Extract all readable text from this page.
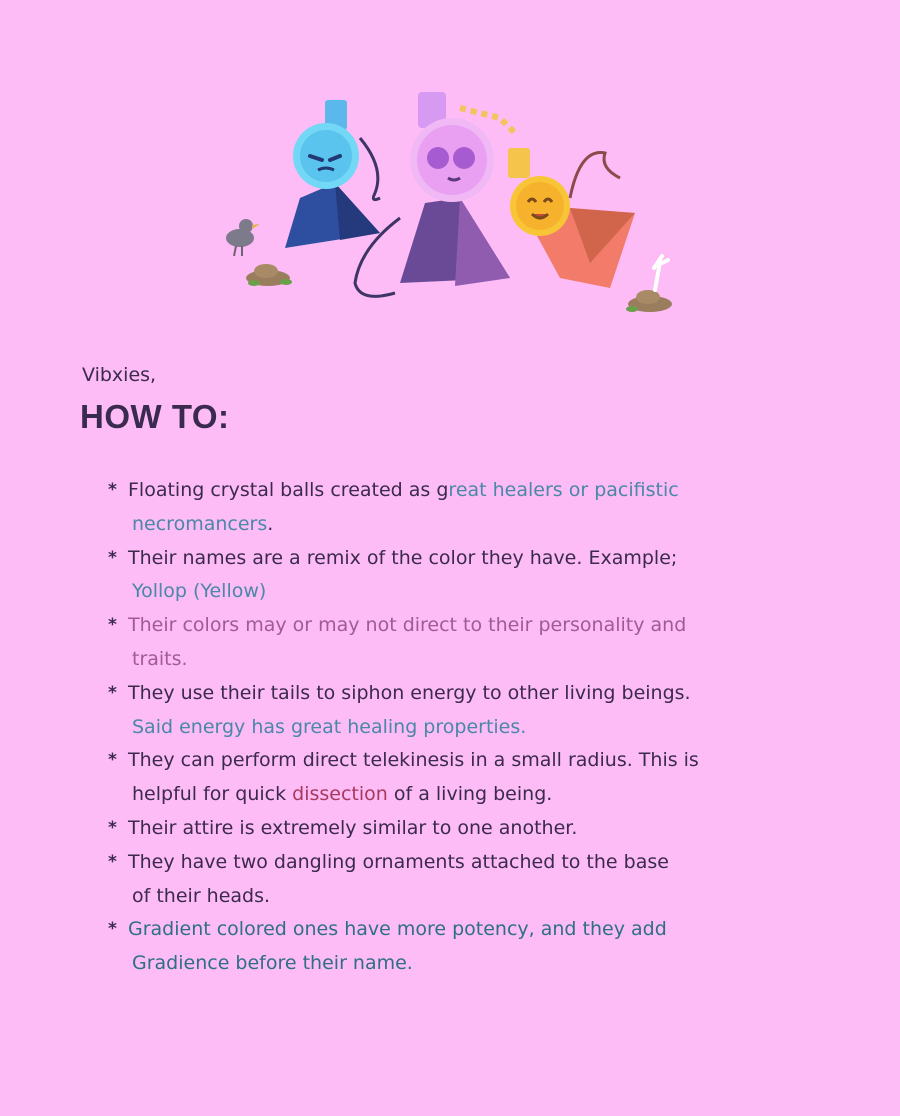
Vibxies,
HOW TO:
* Floating crystal balls created as great healers or pacifistic
necromancers.
* Their names are a remix of the color they have. Example;
Yollop (Yellow)
* Their colors may or may not direct to their personality and
traits.
* They use their tails to siphon energy to other living beings.
Said energy has great healing properties.
* They can perform direct telekinesis in a small radius. This is
helpful for quick dissection of a living being.
* Their attire is extremely similar to one another.
* They have two dangling ornaments attached to the base
of their heads.
* Gradient colored ones have more potency, and they add
Gradience before their name.
